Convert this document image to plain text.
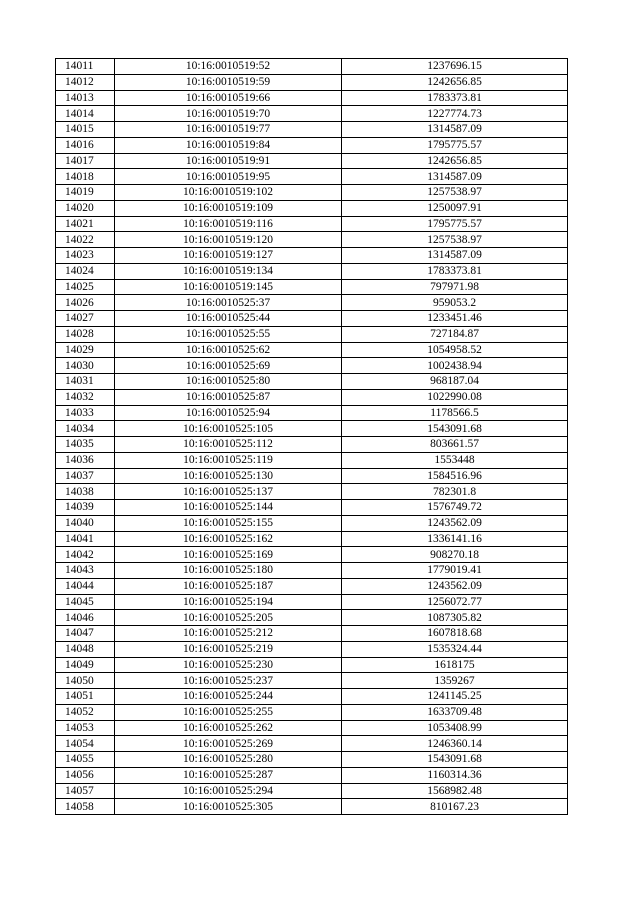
14011	10:16:0010519:52	1237696.15
14012	10:16:0010519:59	1242656.85
14013	10:16:0010519:66	1783373.81
14014	10:16:0010519:70	1227774.73
14015	10:16:0010519:77	1314587.09
14016	10:16:0010519:84	1795775.57
14017	10:16:0010519:91	1242656.85
14018	10:16:0010519:95	1314587.09
14019	10:16:0010519:102	1257538.97
14020	10:16:0010519:109	1250097.91
14021	10:16:0010519:116	1795775.57
14022	10:16:0010519:120	1257538.97
14023	10:16:0010519:127	1314587.09
14024	10:16:0010519:134	1783373.81
14025	10:16:0010519:145	797971.98
14026	10:16:0010525:37	959053.2
14027	10:16:0010525:44	1233451.46
14028	10:16:0010525:55	727184.87
14029	10:16:0010525:62	1054958.52
14030	10:16:0010525:69	1002438.94
14031	10:16:0010525:80	968187.04
14032	10:16:0010525:87	1022990.08
14033	10:16:0010525:94	1178566.5
14034	10:16:0010525:105	1543091.68
14035	10:16:0010525:112	803661.57
14036	10:16:0010525:119	1553448
14037	10:16:0010525:130	1584516.96
14038	10:16:0010525:137	782301.8
14039	10:16:0010525:144	1576749.72
14040	10:16:0010525:155	1243562.09
14041	10:16:0010525:162	1336141.16
14042	10:16:0010525:169	908270.18
14043	10:16:0010525:180	1779019.41
14044	10:16:0010525:187	1243562.09
14045	10:16:0010525:194	1256072.77
14046	10:16:0010525:205	1087305.82
14047	10:16:0010525:212	1607818.68
14048	10:16:0010525:219	1535324.44
14049	10:16:0010525:230	1618175
14050	10:16:0010525:237	1359267
14051	10:16:0010525:244	1241145.25
14052	10:16:0010525:255	1633709.48
14053	10:16:0010525:262	1053408.99
14054	10:16:0010525:269	1246360.14
14055	10:16:0010525:280	1543091.68
14056	10:16:0010525:287	1160314.36
14057	10:16:0010525:294	1568982.48
14058	10:16:0010525:305	810167.23
